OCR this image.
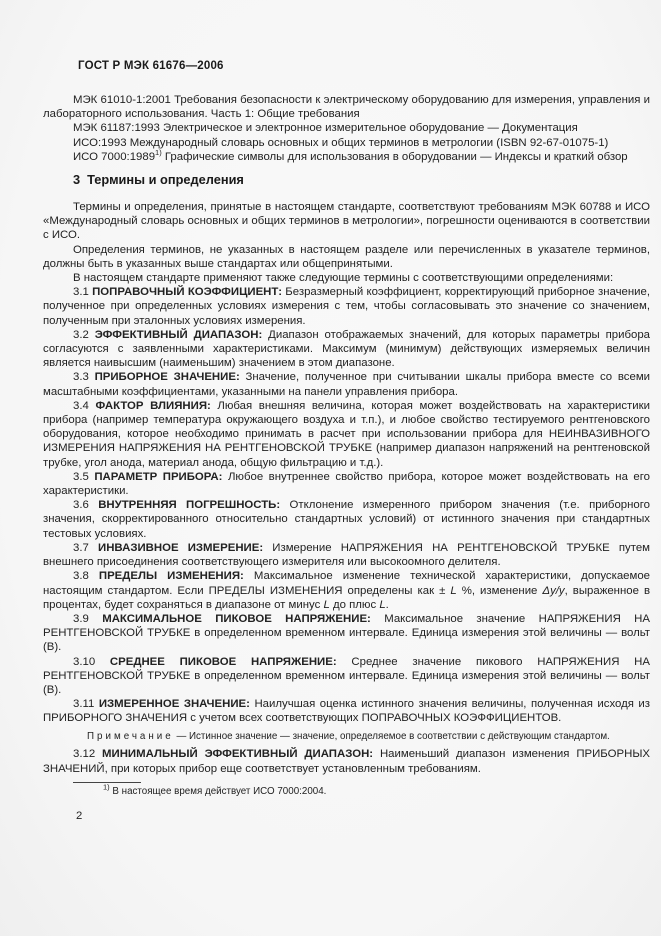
ГОСТ Р МЭК 61676—2006

МЭК 61010-1:2001 Требования безопасности к электрическому оборудованию для измерения, управления и лабораторного использования. Часть 1: Общие требования

МЭК 61187:1993 Электрическое и электронное измерительное оборудование — Документация

ИСО:1993 Международный словарь основных и общих терминов в метрологии (ISBN 92-67-01075-1)

ИСО 7000:1989$^{1)}$ Графические символы для использования в оборудовании — Индексы и краткий обзор

3 Термины и определения

Термины и определения, принятые в настоящем стандарте, соответствуют требованиям МЭК 60788 и ИСО «Международный словарь основных и общих терминов в метрологии», погрешности оцениваются в соответствии с ИСО.

Определения терминов, не указанных в настоящем разделе или перечисленных в указателе терминов, должны быть в указанных выше стандартах или общепринятыми.

В настоящем стандарте применяют также следующие термины с соответствующими определениями:

3.1 ПОПРАВОЧНЫЙ КОЭФФИЦИЕНТ: Безразмерный коэффициент, корректирующий приборное значение, полученное при определенных условиях измерения с тем, чтобы согласовывать это значение со значением, полученным при эталонных условиях измерения.

3.2 ЭФФЕКТИВНЫЙ ДИАПАЗОН: Диапазон отображаемых значений, для которых параметры прибора согласуются с заявленными характеристиками. Максимум (минимум) действующих измеряемых величин является наивысшим (наименьшим) значением в этом диапазоне.

3.3 ПРИБОРНОЕ ЗНАЧЕНИЕ: Значение, полученное при считывании шкалы прибора вместе со всеми масштабными коэффициентами, указанными на панели управления прибора.

3.4 ФАКТОР ВЛИЯНИЯ: Любая внешняя величина, которая может воздействовать на характеристики прибора (например температура окружающего воздуха и т.п.), и любое свойство тестируемого рентгеновского оборудования, которое необходимо принимать в расчет при использовании прибора для НЕИНВАЗИВНОГО ИЗМЕРЕНИЯ НАПРЯЖЕНИЯ НА РЕНТГЕНОВСКОЙ ТРУБКЕ (например диапазон напряжений на рентгеновской трубке, угол анода, материал анода, общую фильтрацию и т.д.).

3.5 ПАРАМЕТР ПРИБОРА: Любое внутреннее свойство прибора, которое может воздействовать на его характеристики.

3.6 ВНУТРЕННЯЯ ПОГРЕШНОСТЬ: Отклонение измеренного прибором значения (т.е. приборного значения, скорректированного относительно стандартных условий) от истинного значения при стандартных тестовых условиях.

3.7 ИНВАЗИВНОЕ ИЗМЕРЕНИЕ: Измерение НАПРЯЖЕНИЯ НА РЕНТГЕНОВСКОЙ ТРУБКЕ путем внешнего присоединения соответствующего измерителя или высокоомного делителя.

3.8 ПРЕДЕЛЫ ИЗМЕНЕНИЯ: Максимальное изменение технической характеристики, допускаемое настоящим стандартом. Если ПРЕДЕЛЫ ИЗМЕНЕНИЯ определены как ± L %, изменение Δy/y, выраженное в процентах, будет сохраняться в диапазоне от минус L до плюс L.

3.9 МАКСИМАЛЬНОЕ ПИКОВОЕ НАПРЯЖЕНИЕ: Максимальное значение НАПРЯЖЕНИЯ НА РЕНТГЕНОВСКОЙ ТРУБКЕ в определенном временном интервале. Единица измерения этой величины — вольт (В).

3.10 СРЕДНЕЕ ПИКОВОЕ НАПРЯЖЕНИЕ: Среднее значение пикового НАПРЯЖЕНИЯ НА РЕНТГЕНОВСКОЙ ТРУБКЕ в определенном временном интервале. Единица измерения этой величины — вольт (В).

3.11 ИЗМЕРЕННОЕ ЗНАЧЕНИЕ: Наилучшая оценка истинного значения величины, полученная исходя из ПРИБОРНОГО ЗНАЧЕНИЯ с учетом всех соответствующих ПОПРАВОЧНЫХ КОЭФФИЦИЕНТОВ.

Примечание — Истинное значение — значение, определяемое в соответствии с действующим стандартом.

3.12 МИНИМАЛЬНЫЙ ЭФФЕКТИВНЫЙ ДИАПАЗОН: Наименьший диапазон изменения ПРИБОРНЫХ ЗНАЧЕНИЙ, при которых прибор еще соответствует установленным требованиям.

$^{1)}$ В настоящее время действует ИСО 7000:2004.

2
